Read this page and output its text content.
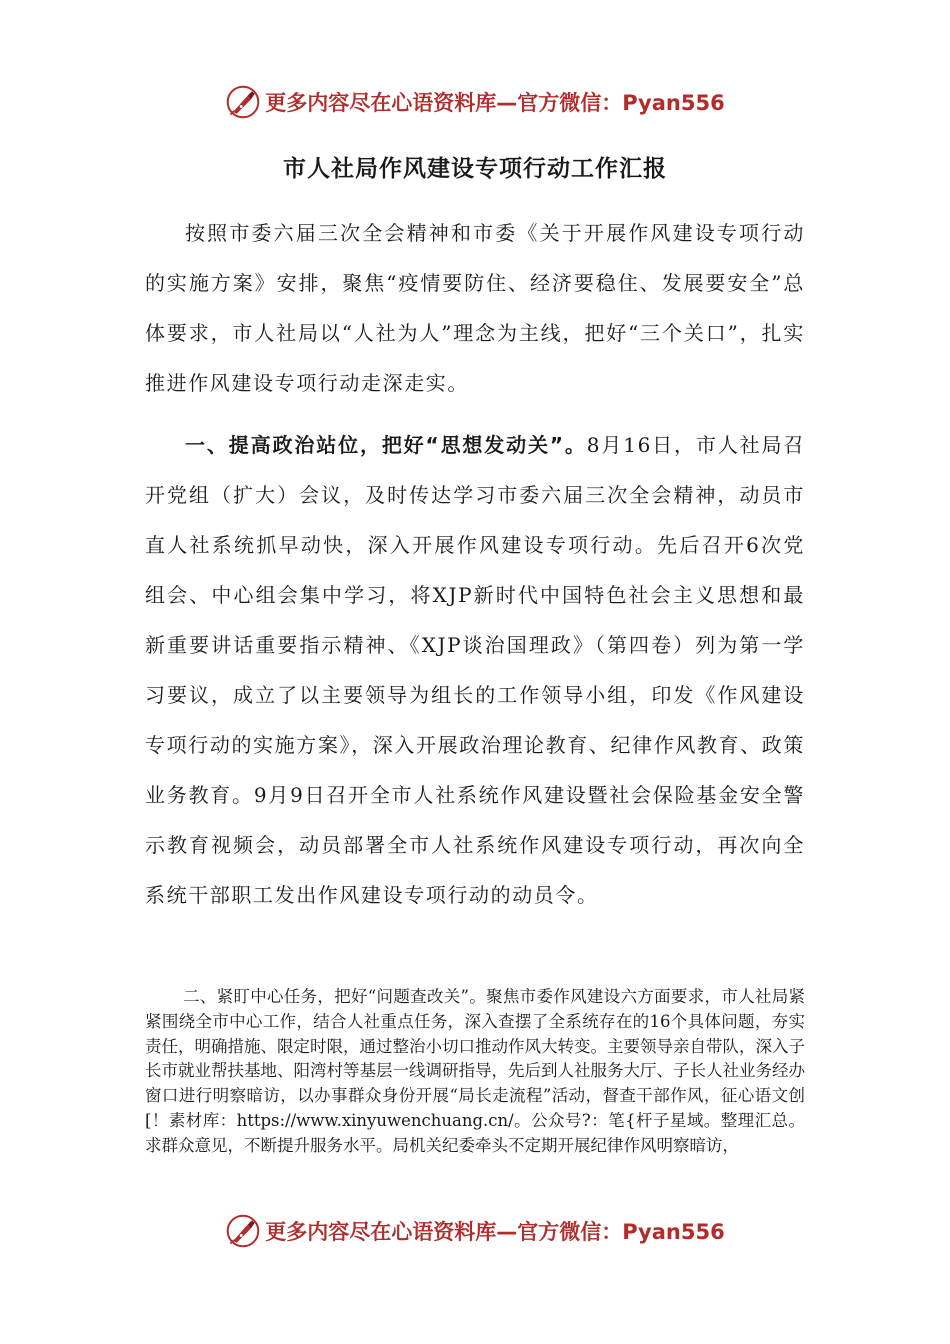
更多内容尽在心语资料库—官方微信：Pyan556
市人社局作风建设专项行动工作汇报

按照市委六届三次全会精神和市委《关于开展作风建设专项行动的实施方案》安排，聚焦“疫情要防住、经济要稳住、发展要安全”总体要求，市人社局以“人社为人”理念为主线，把好“三个关口”，扎实推进作风建设专项行动走深走实。

一、提高政治站位，把好“思想发动关”。8月16日，市人社局召开党组（扩大）会议，及时传达学习市委六届三次全会精神，动员市直人社系统抓早动快，深入开展作风建设专项行动。先后召开6次党组会、中心组会集中学习，将XJP新时代中国特色社会主义思想和最新重要讲话重要指示精神、《XJP谈治国理政》（第四卷）列为第一学习要议，成立了以主要领导为组长的工作领导小组，印发《作风建设专项行动的实施方案》，深入开展政治理论教育、纪律作风教育、政策业务教育。9月9日召开全市人社系统作风建设暨社会保险基金安全警示教育视频会，动员部署全市人社系统作风建设专项行动，再次向全系统干部职工发出作风建设专项行动的动员令。

二、紧盯中心任务，把好“问题查改关”。聚焦市委作风建设六方面要求，市人社局紧紧围绕全市中心工作，结合人社重点任务，深入查摆了全系统存在的16个具体问题，夯实责任，明确措施、限定时限，通过整治小切口推动作风大转变。主要领导亲自带队，深入子长市就业帮扶基地、阳湾村等基层一线调研指导，先后到人社服务大厅、子长人社业务经办窗口进行明察暗访，以办事群众身份开展“局长走流程”活动，督查干部作风，征心语文创[！素材库：https://www.xinyuwenchuang.cn/。公众号?：笔{杆子星域。整理汇总。求群众意见，不断提升服务水平。局机关纪委牵头不定期开展纪律作风明察暗访，

更多内容尽在心语资料库—官方微信：Pyan556
